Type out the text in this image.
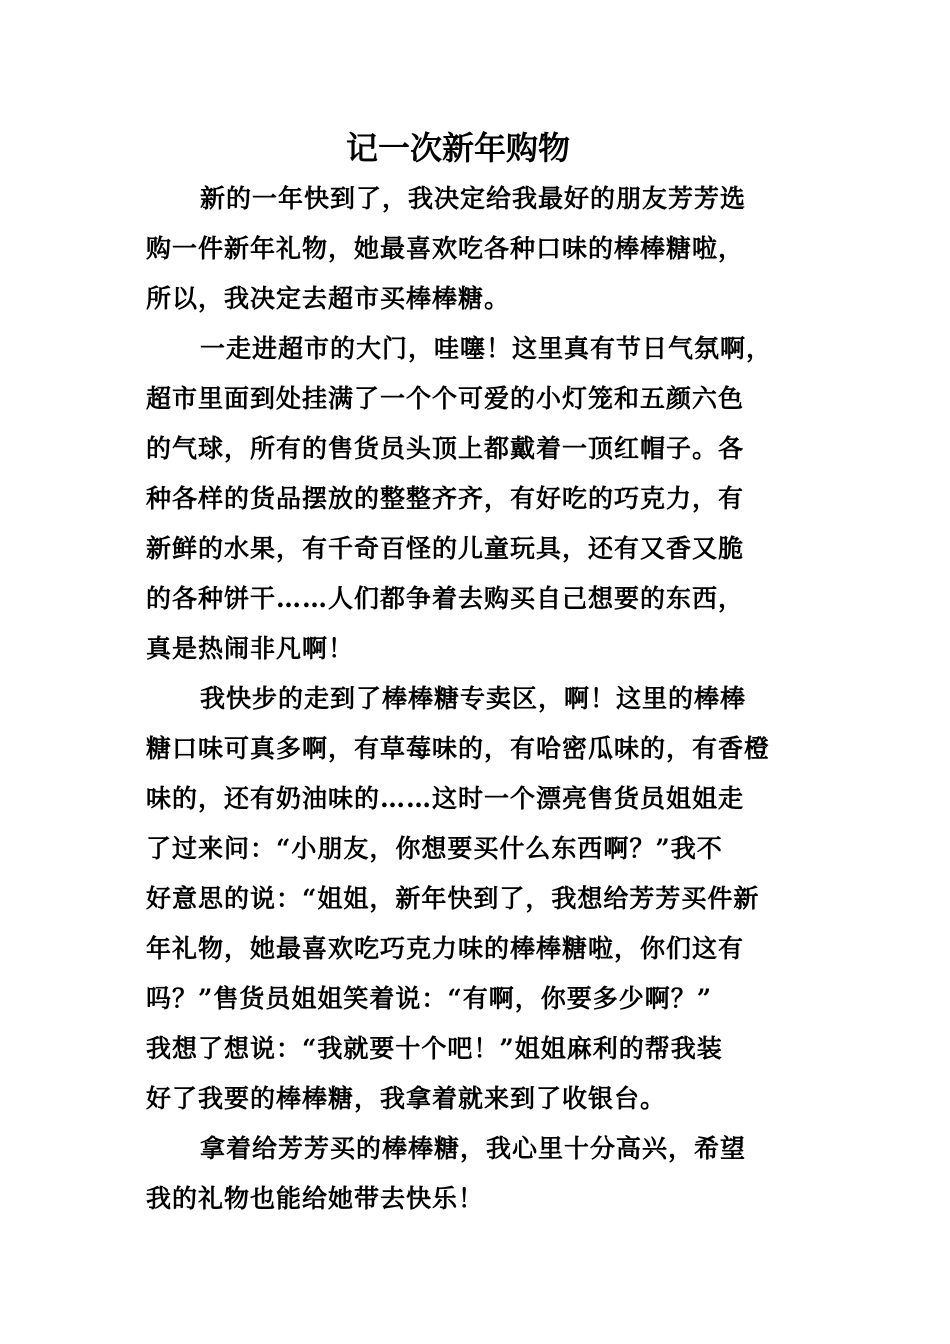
记一次新年购物
新的一年快到了，我决定给我最好的朋友芳芳选
购一件新年礼物，她最喜欢吃各种口味的棒棒糖啦，
所以，我决定去超市买棒棒糖。
一走进超市的大门，哇噻！这里真有节日气氛啊，
超市里面到处挂满了一个个可爱的小灯笼和五颜六色
的气球，所有的售货员头顶上都戴着一顶红帽子。各
种各样的货品摆放的整整齐齐，有好吃的巧克力，有
新鲜的水果，有千奇百怪的儿童玩具，还有又香又脆
的各种饼干……人们都争着去购买自己想要的东西，
真是热闹非凡啊！
我快步的走到了棒棒糖专卖区，啊！这里的棒棒
糖口味可真多啊，有草莓味的，有哈密瓜味的，有香橙
味的，还有奶油味的……这时一个漂亮售货员姐姐走
了过来问：“小朋友，你想要买什么东西啊？”我不
好意思的说：“姐姐，新年快到了，我想给芳芳买件新
年礼物，她最喜欢吃巧克力味的棒棒糖啦，你们这有
吗？”售货员姐姐笑着说：“有啊，你要多少啊？”
我想了想说：“我就要十个吧！”姐姐麻利的帮我装
好了我要的棒棒糖，我拿着就来到了收银台。
拿着给芳芳买的棒棒糖，我心里十分高兴，希望
我的礼物也能给她带去快乐！
